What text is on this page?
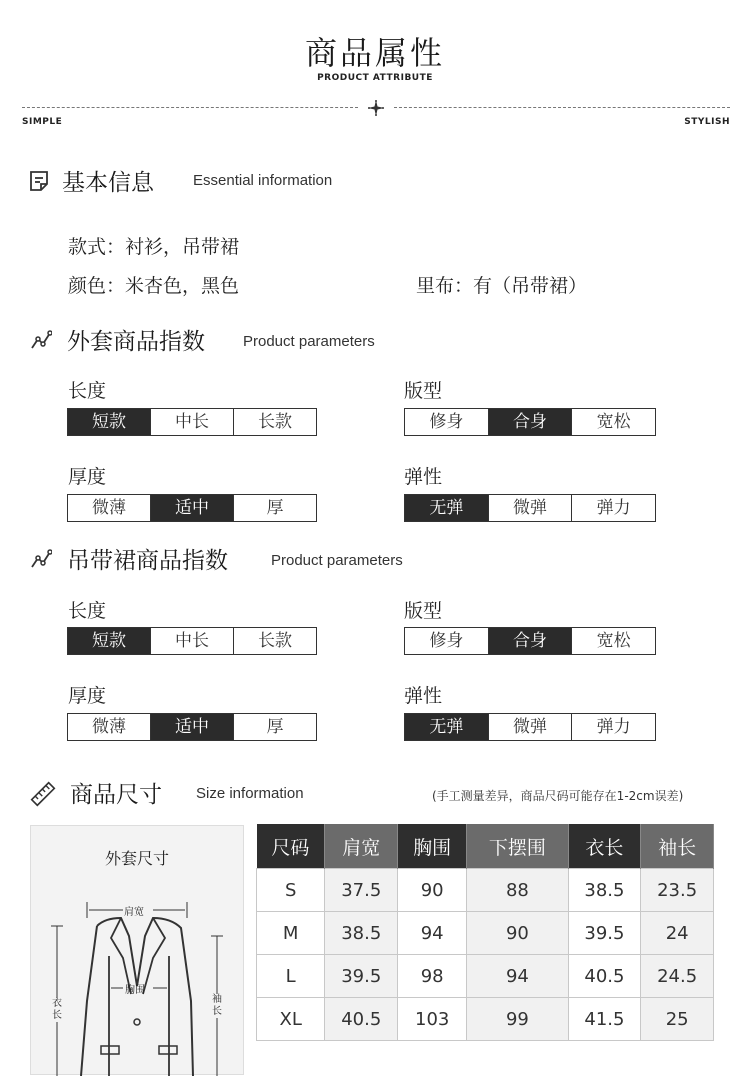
商品属性
PRODUCT ATTRIBUTE
SIMPLE	STYLISH
基本信息	Essential information
款式：衬衫，吊带裙
颜色：米杏色，黑色	里布：有（吊带裙）
外套商品指数	Product parameters
长度
短款	中长	长款
版型
修身	合身	宽松
厚度
微薄	适中	厚
弹性
无弹	微弹	弹力
吊带裙商品指数	Product parameters
长度
短款	中长	长款
版型
修身	合身	宽松
厚度
微薄	适中	厚
弹性
无弹	微弹	弹力
商品尺寸 Size information	(手工测量差异，商品尺码可能存在1-2cm误差)
外套尺寸
肩宽
胸围
衣长
袖长
尺码	肩宽	胸围	下摆围	衣长	袖长
S	37.5	90	88	38.5	23.5
M	38.5	94	90	39.5	24
L	39.5	98	94	40.5	24.5
XL	40.5	103	99	41.5	25
